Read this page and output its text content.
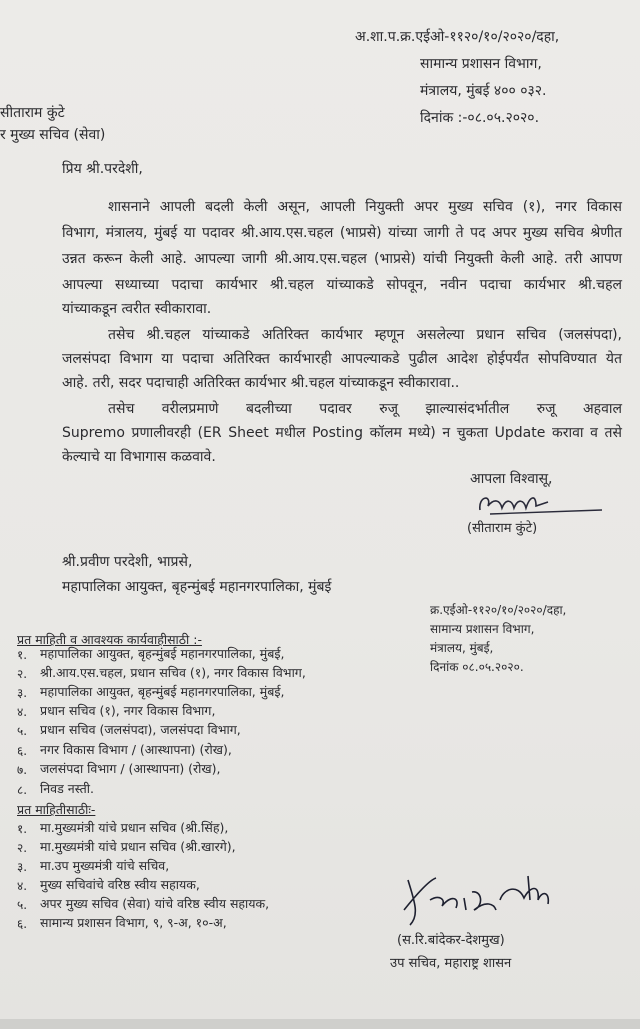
अ.शा.प.क्र.एईओ-११२०/१०/२०२०/दहा,
सामान्य प्रशासन विभाग,
मंत्रालय, मुंबई ४०० ०३२.
दिनांक :-०८.०५.२०२०.
सीताराम कुंटे
र मुख्य सचिव (सेवा)
प्रिय श्री.परदेशी,
शासनाने आपली बदली केली असून, आपली नियुक्ती अपर मुख्य सचिव (१), नगर विकास
विभाग, मंत्रालय, मुंबई या पदावर श्री.आय.एस.चहल (भाप्रसे) यांच्या जागी ते पद अपर मुख्य सचिव श्रेणीत
उन्नत करून केली आहे. आपल्या जागी श्री.आय.एस.चहल (भाप्रसे) यांची नियुक्ती केली आहे. तरी आपण
आपल्या सध्याच्या पदाचा कार्यभार श्री.चहल यांच्याकडे सोपवून, नवीन पदाचा कार्यभार श्री.चहल
यांच्याकडून त्वरीत स्वीकारावा.
तसेच श्री.चहल यांच्याकडे अतिरिक्त कार्यभार म्हणून असलेल्या प्रधान सचिव (जलसंपदा),
जलसंपदा विभाग या पदाचा अतिरिक्त कार्यभारही आपल्याकडे पुढील आदेश होईपर्यंत सोपविण्यात येत
आहे. तरी, सदर पदाचाही अतिरिक्त कार्यभार श्री.चहल यांच्याकडून स्वीकारावा..
तसेच वरीलप्रमाणे बदलीच्या पदावर रुजू झाल्यासंदर्भातील रुजू अहवाल
Supremo प्रणालीवरही (ER Sheet मधील Posting कॉलम मध्ये) न चुकता Update करावा व तसे
केल्याचे या विभागास कळवावे.
आपला विश्वासू,
(सीताराम कुंटे)
श्री.प्रवीण परदेशी, भाप्रसे,
महापालिका आयुक्त, बृहन्मुंबई महानगरपालिका, मुंबई
क्र.एईओ-११२०/१०/२०२०/दहा,
सामान्य प्रशासन विभाग,
मंत्रालय, मुंबई,
दिनांक ०८.०५.२०२०.
प्रत माहिती व आवश्यक कार्यवाहीसाठी :-
१. महापालिका आयुक्त, बृहन्मुंबई महानगरपालिका, मुंबई,
२. श्री.आय.एस.चहल, प्रधान सचिव (१), नगर विकास विभाग,
३. महापालिका आयुक्त, बृहन्मुंबई महानगरपालिका, मुंबई,
४. प्रधान सचिव (१), नगर विकास विभाग,
५. प्रधान सचिव (जलसंपदा), जलसंपदा विभाग,
६. नगर विकास विभाग / (आस्थापना) (रोख),
७. जलसंपदा विभाग / (आस्थापना) (रोख),
८. निवड नस्ती.
प्रत माहितीसाठीः-
१. मा.मुख्यमंत्री यांचे प्रधान सचिव (श्री.सिंह),
२. मा.मुख्यमंत्री यांचे प्रधान सचिव (श्री.खारगे),
३. मा.उप मुख्यमंत्री यांचे सचिव,
४. मुख्य सचिवांचे वरिष्ठ स्वीय सहायक,
५. अपर मुख्य सचिव (सेवा) यांचे वरिष्ठ स्वीय सहायक,
६. सामान्य प्रशासन विभाग, ९, ९-अ, १०-अ,
(स.रि.बांदेकर-देशमुख)
उप सचिव, महाराष्ट्र शासन
